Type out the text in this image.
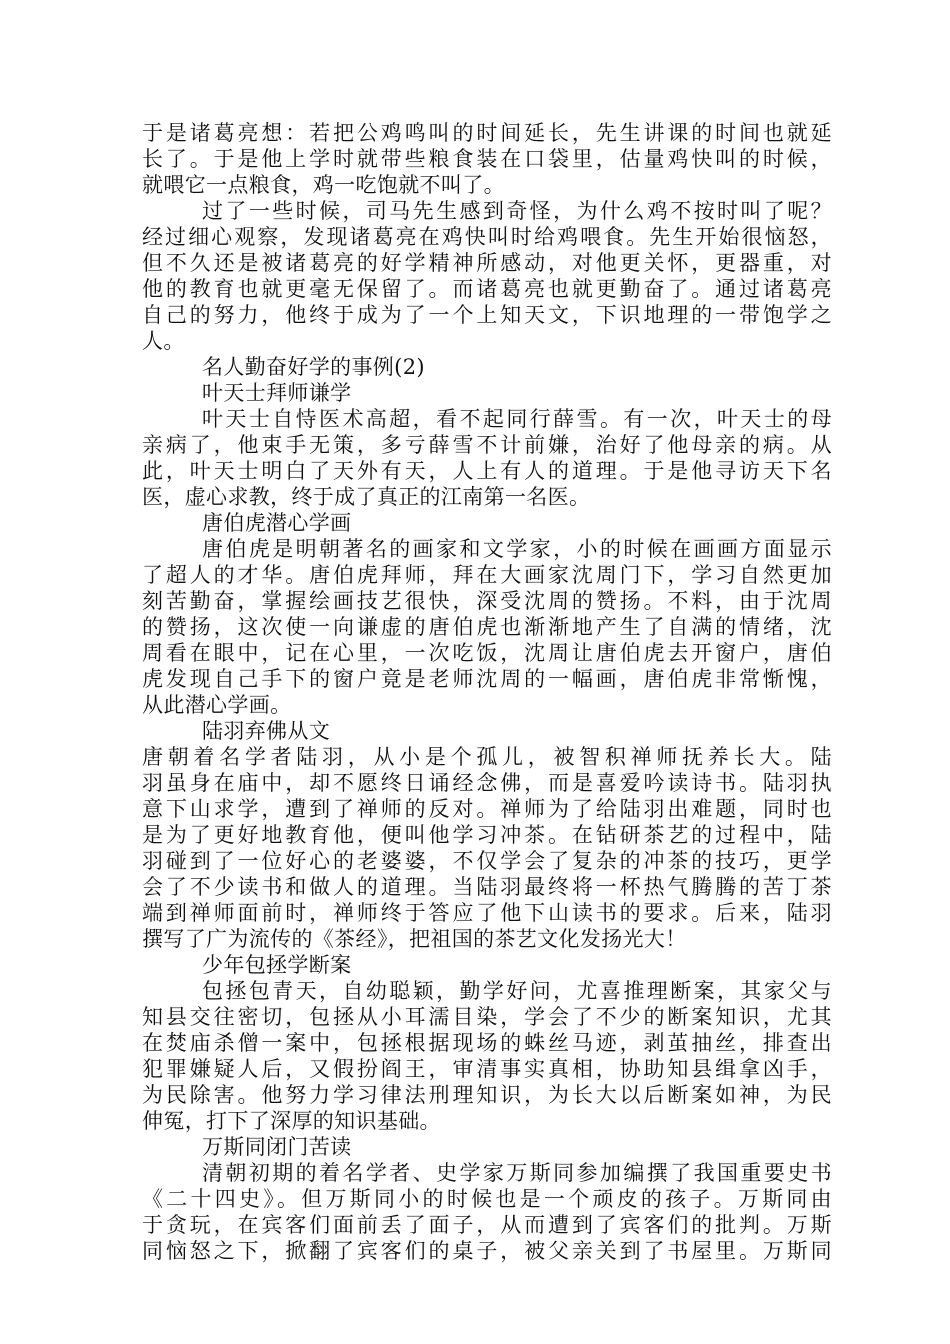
于是诸葛亮想：若把公鸡鸣叫的时间延长，先生讲课的时间也就延
长了。于是他上学时就带些粮食装在口袋里，估量鸡快叫的时候，
就喂它一点粮食，鸡一吃饱就不叫了。
过了一些时候，司马先生感到奇怪，为什么鸡不按时叫了呢？
经过细心观察，发现诸葛亮在鸡快叫时给鸡喂食。先生开始很恼怒，
但不久还是被诸葛亮的好学精神所感动，对他更关怀，更器重，对
他的教育也就更毫无保留了。而诸葛亮也就更勤奋了。通过诸葛亮
自己的努力，他终于成为了一个上知天文，下识地理的一带饱学之
人。
名人勤奋好学的事例(2)
叶天士拜师谦学
叶天士自恃医术高超，看不起同行薛雪。有一次，叶天士的母
亲病了，他束手无策，多亏薛雪不计前嫌，治好了他母亲的病。从
此，叶天士明白了天外有天，人上有人的道理。于是他寻访天下名
医，虚心求教，终于成了真正的江南第一名医。
唐伯虎潜心学画
唐伯虎是明朝著名的画家和文学家，小的时候在画画方面显示
了超人的才华。唐伯虎拜师，拜在大画家沈周门下，学习自然更加
刻苦勤奋，掌握绘画技艺很快，深受沈周的赞扬。不料，由于沈周
的赞扬，这次使一向谦虚的唐伯虎也渐渐地产生了自满的情绪，沈
周看在眼中，记在心里，一次吃饭，沈周让唐伯虎去开窗户，唐伯
虎发现自己手下的窗户竟是老师沈周的一幅画，唐伯虎非常惭愧，
从此潜心学画。
陆羽弃佛从文
唐朝着名学者陆羽，从小是个孤儿，被智积禅师抚养长大。陆
羽虽身在庙中，却不愿终日诵经念佛，而是喜爱吟读诗书。陆羽执
意下山求学，遭到了禅师的反对。禅师为了给陆羽出难题，同时也
是为了更好地教育他，便叫他学习冲茶。在钻研茶艺的过程中，陆
羽碰到了一位好心的老婆婆，不仅学会了复杂的冲茶的技巧，更学
会了不少读书和做人的道理。当陆羽最终将一杯热气腾腾的苦丁茶
端到禅师面前时，禅师终于答应了他下山读书的要求。后来，陆羽
撰写了广为流传的《茶经》，把祖国的茶艺文化发扬光大！
少年包拯学断案
包拯包青天，自幼聪颖，勤学好问，尤喜推理断案，其家父与
知县交往密切，包拯从小耳濡目染，学会了不少的断案知识，尤其
在焚庙杀僧一案中，包拯根据现场的蛛丝马迹，剥茧抽丝，排查出
犯罪嫌疑人后，又假扮阎王，审清事实真相，协助知县缉拿凶手，
为民除害。他努力学习律法刑理知识，为长大以后断案如神，为民
伸冤，打下了深厚的知识基础。
万斯同闭门苦读
清朝初期的着名学者、史学家万斯同参加编撰了我国重要史书
《二十四史》。但万斯同小的时候也是一个顽皮的孩子。万斯同由
于贪玩，在宾客们面前丢了面子，从而遭到了宾客们的批判。万斯
同恼怒之下，掀翻了宾客们的桌子，被父亲关到了书屋里。万斯同
